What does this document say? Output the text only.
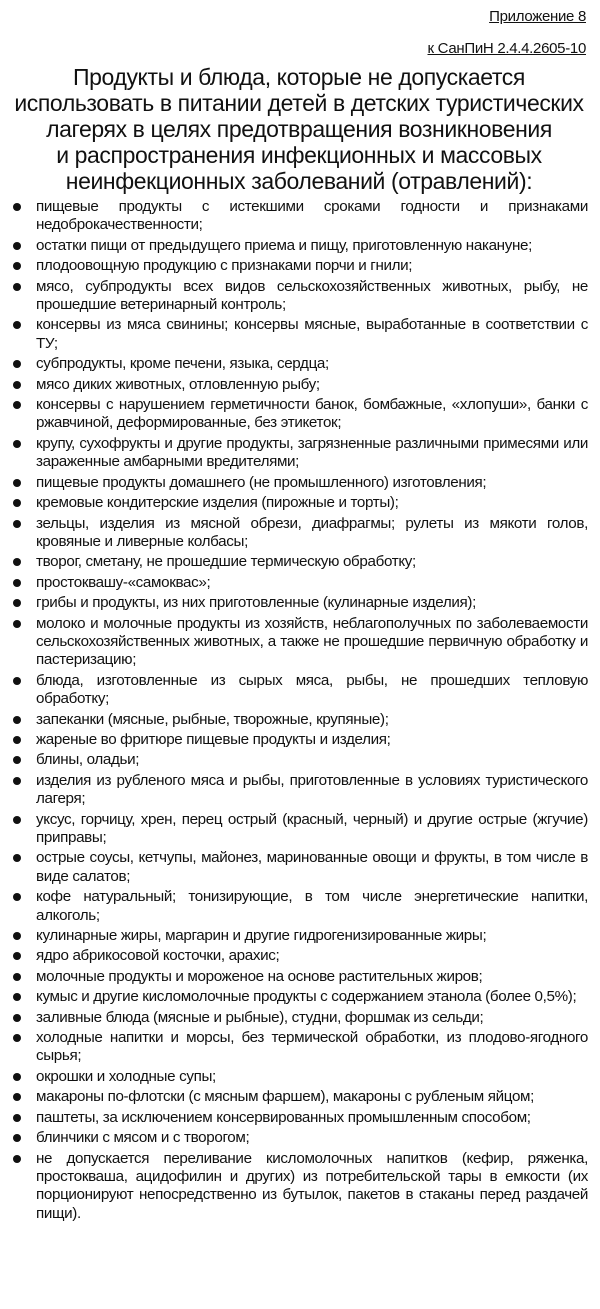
Приложение 8
к СанПиН 2.4.4.2605-10
Продукты и блюда, которые не допускается
использовать в питании детей в детских туристических
лагерях в целях предотвращения возникновения
и распространения инфекционных и массовых
неинфекционных заболеваний (отравлений):
пищевые продукты с истекшими сроками годности и признаками недоброкачественности;
остатки пищи от предыдущего приема и пищу, приготовленную накануне;
плодоовощную продукцию с признаками порчи и гнили;
мясо, субпродукты всех видов сельскохозяйственных животных, рыбу, не прошедшие ветеринарный контроль;
консервы из мяса свинины; консервы мясные, выработанные в соответствии с ТУ;
субпродукты, кроме печени, языка, сердца;
мясо диких животных, отловленную рыбу;
консервы с нарушением герметичности банок, бомбажные, «хлопуши», банки с ржавчиной, деформированные, без этикеток;
крупу, сухофрукты и другие продукты, загрязненные различными примесями или зараженные амбарными вредителями;
пищевые продукты домашнего (не промышленного) изготовления;
кремовые кондитерские изделия (пирожные и торты);
зельцы, изделия из мясной обрези, диафрагмы; рулеты из мякоти голов, кровяные и ливерные колбасы;
творог, сметану, не прошедшие термическую обработку;
простоквашу-«самоквас»;
грибы и продукты, из них приготовленные (кулинарные изделия);
молоко и молочные продукты из хозяйств, неблагополучных по заболеваемости сельскохозяйственных животных, а также не прошедшие первичную обработку и пастеризацию;
блюда, изготовленные из сырых мяса, рыбы, не прошедших тепловую обработку;
запеканки (мясные, рыбные, творожные, крупяные);
жареные во фритюре пищевые продукты и изделия;
блины, оладьи;
изделия из рубленого мяса и рыбы, приготовленные в условиях туристического лагеря;
уксус, горчицу, хрен, перец острый (красный, черный) и другие острые (жгучие) приправы;
острые соусы, кетчупы, майонез, маринованные овощи и фрукты, в том числе в виде салатов;
кофе натуральный; тонизирующие, в том числе энергетические напитки, алкоголь;
кулинарные жиры, маргарин и другие гидрогенизированные жиры;
ядро абрикосовой косточки, арахис;
молочные продукты и мороженое на основе растительных жиров;
кумыс и другие кисломолочные продукты с содержанием этанола (более 0,5%);
заливные блюда (мясные и рыбные), студни, форшмак из сельди;
холодные напитки и морсы, без термической обработки, из плодово-ягодного сырья;
окрошки и холодные супы;
макароны по-флотски (с мясным фаршем), макароны с рубленым яйцом;
паштеты, за исключением консервированных промышленным способом;
блинчики с мясом и с творогом;
не допускается переливание кисломолочных напитков (кефир, ряженка, простокваша, ацидофилин и других) из потребительской тары в емкости (их порционируют непосредственно из бутылок, пакетов в стаканы перед раздачей пищи).
